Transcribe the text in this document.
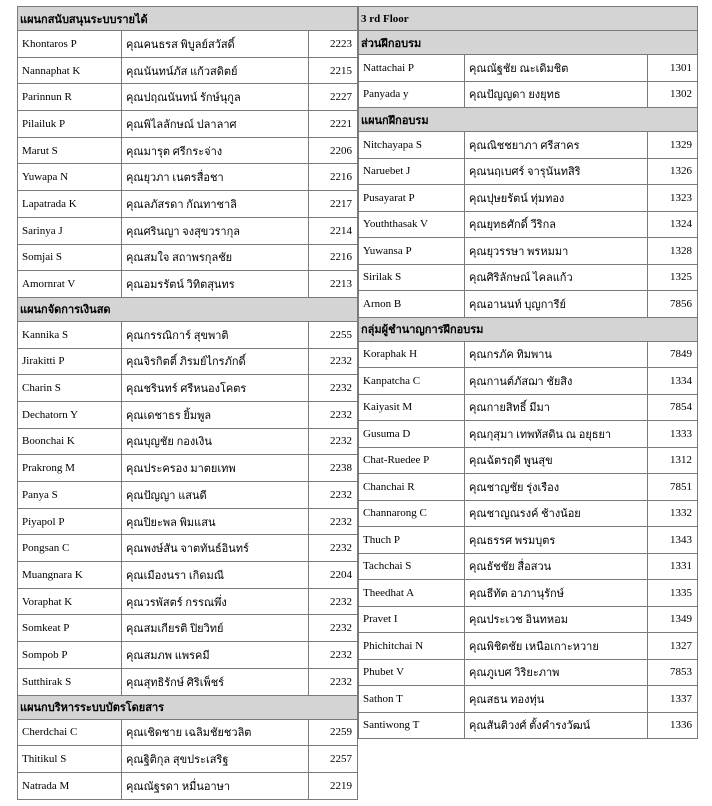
แผนกสนับสนุนระบบรายได้		
Khontaros P	คุณคนธรส พิบูลย์สวัสดิ์	2223
Nannaphat K	คุณนันทน์ภัส แก้วสดิตย์	2215
Parinnun R	คุณปฤณนันทน์ รักษ์นุกูล	2227
Pilailuk P	คุณพิไลลักษณ์ ปลาลาศ	2221
Marut S	คุณมารุต ศรีกระจ่าง	2206
Yuwapa N	คุณยุวภา เนตรสื่อชา	2216
Lapatrada K	คุณลภัสรดา กัณทาชาลิ	2217
Sarinya J	คุณศรินญา จงสุขวรากุล	2214
Somjai S	คุณสมใจ สถาพรกุลชัย	2216
Amornrat V	คุณอมรรัตน์ วิทิตสุนทร	2213
แผนกจัดการเงินสด		
Kannika S	คุณกรรณิการ์ สุขพาติ	2255
Jirakitti P	คุณจิรกิตติ์ ภิรมย์ไกรภักดิ์	2232
Charin S	คุณชรินทร์ ศรีหนองโคตร	2232
Dechatorn Y	คุณเดชาธร ยิ้มพูล	2232
Boonchai K	คุณบุญชัย กองเงิน	2232
Prakrong M	คุณประครอง มาตยเทพ	2238
Panya S	คุณปัญญา แสนดี	2232
Piyapol P	คุณปิยะพล พิมแสน	2232
Pongsan C	คุณพงษ์สัน จาตทันธ์อินทร์	2232
Muangnara K	คุณเมืองนรา เกิดมณี	2204
Voraphat K	คุณวรพัสตร์ กรรณพึ่ง	2232
Somkeat P	คุณสมเกียรติ ปิยวิทย์	2232
Sompob P	คุณสมภพ แพรคมี	2232
Sutthirak S	คุณสุทธิรักษ์ ศิริเพ็ชร์	2232
แผนกบริหารระบบบัตรโดยสาร		
Cherdchai C	คุณเชิดชาย เฉลิมชัยชวลิต	2259
Thitikul S	คุณฐิติกุล สุขประเสริฐ	2257
Natrada M	คุณณัฐรดา หมื่นอาษา	2219
3 rd Floor		
ส่วนฝึกอบรม		
Nattachai P	คุณณัฐชัย ณะเดิมชิต	1301
Panyada y	คุณปัญญดา ยงยุทธ	1302
แผนกฝึกอบรม		
Nitchayapa S	คุณณิชชยาภา ศรีสาคร	1329
Naruebet J	คุณนฤเบศร์ จารุนันทสิริ	1326
Pusayarat P	คุณปุษยรัตน์ ทุ่มทอง	1323
Youththasak V	คุณยุทธศักดิ์ วีริกล	1324
Yuwansa P	คุณยุวรรษา พรหมมา	1328
Sirilak S	คุณศิริลักษณ์ ไคลแก้ว	1325
Arnon B	คุณอานนท์ บุญการีย์	7856
กลุ่มผู้ชำนาญการฝึกอบรม		
Koraphak H	คุณกรภัค ทิมพาน	7849
Kanpatcha C	คุณกานต์ภัสฌา ชัยสิง	1334
Kaiyasit M	คุณกายสิทธิ์ มีมา	7854
Gusuma D	คุณกุสุมา เทพทัสดิน ณ อยุธยา	1333
Chat-Ruedee P	คุณฉัตรฤดี พูนสุข	1312
Chanchai R	คุณชาญชัย รุ่งเรือง	7851
Channarong C	คุณชาญณรงค์ ช้างน้อย	1332
Thuch P	คุณธรรศ พรมบุตร	1343
Tachchai S	คุณธัชชัย สื่อสวน	1331
Theedhat A	คุณธีทัต อาภานุรักษ์	1335
Pravet I	คุณประเวช อินทหอม	1349
Phichitchai N	คุณพิชิตชัย เหนือเกาะหวาย	1327
Phubet V	คุณภูเบศ วิริยะภาพ	7853
Sathon T	คุณสธน ทองทุ่น	1337
Santiwong T	คุณสันติวงศ์ ตั้งคำรงวัฒน์	1336
